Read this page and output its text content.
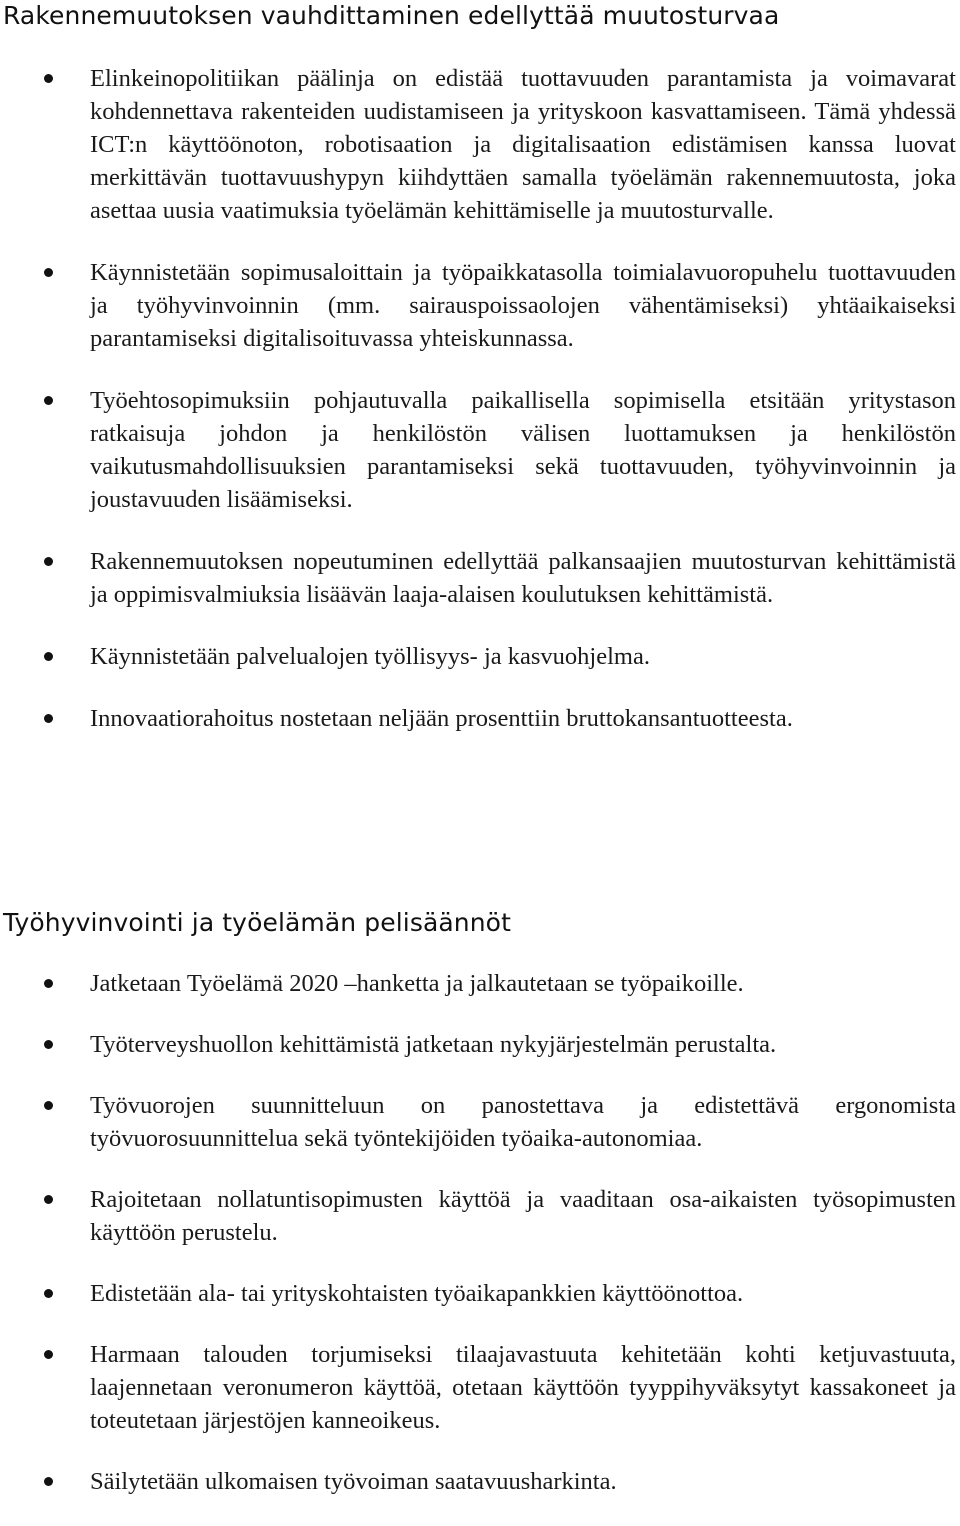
Rakennemuutoksen vauhdittaminen edellyttää muutosturvaa
Elinkeinopolitiikan päälinja on edistää tuottavuuden parantamista ja voimavarat kohdennettava rakenteiden uudistamiseen ja yrityskoon kasvattamiseen. Tämä yhdessä ICT:n käyttöönoton, robotisaation ja digitalisaation edistämisen kanssa luovat merkittävän tuottavuushypyn kiihdyttäen samalla työelämän rakennemuutosta, joka asettaa uusia vaatimuksia työelämän kehittämiselle ja muutosturvalle.
Käynnistetään sopimusaloittain ja työpaikkatasolla toimialavuoropuhelu tuottavuuden ja työhyvinvoinnin (mm. sairauspoissaolojen vähentämiseksi) yhtäaikaiseksi parantamiseksi digitalisoituvassa yhteiskunnassa.
Työehtosopimuksiin pohjautuvalla paikallisella sopimisella etsitään yritystason ratkaisuja johdon ja henkilöstön välisen luottamuksen ja henkilöstön vaikutusmahdollisuuksien parantamiseksi sekä tuottavuuden, työhyvinvoinnin ja joustavuuden lisäämiseksi.
Rakennemuutoksen nopeutuminen edellyttää palkansaajien muutosturvan kehittämistä ja oppimisvalmiuksia lisäävän laaja-alaisen koulutuksen kehittämistä.
Käynnistetään palvelualojen työllisyys- ja kasvuohjelma.
Innovaatiorahoitus nostetaan neljään prosenttiin bruttokansantuotteesta.
Työhyvinvointi ja työelämän pelisäännöt
Jatketaan Työelämä 2020 –hanketta ja jalkautetaan se työpaikoille.
Työterveyshuollon kehittämistä jatketaan nykyjärjestelmän perustalta.
Työvuorojen suunnitteluun on panostettava ja edistettävä ergonomista työvuorosuunnittelua sekä työntekijöiden työaika-autonomiaa.
Rajoitetaan nollatuntisopimusten käyttöä ja vaaditaan osa-aikaisten työsopimusten käyttöön perustelu.
Edistetään ala- tai yrityskohtaisten työaikapankkien käyttöönottoa.
Harmaan talouden torjumiseksi tilaajavastuuta kehitetään kohti ketjuvastuuta, laajennetaan veronumeron käyttöä, otetaan käyttöön tyyppihyväksytyt kassakoneet ja toteutetaan järjestöjen kanneoikeus.
Säilytetään ulkomaisen työvoiman saatavuusharkinta.
